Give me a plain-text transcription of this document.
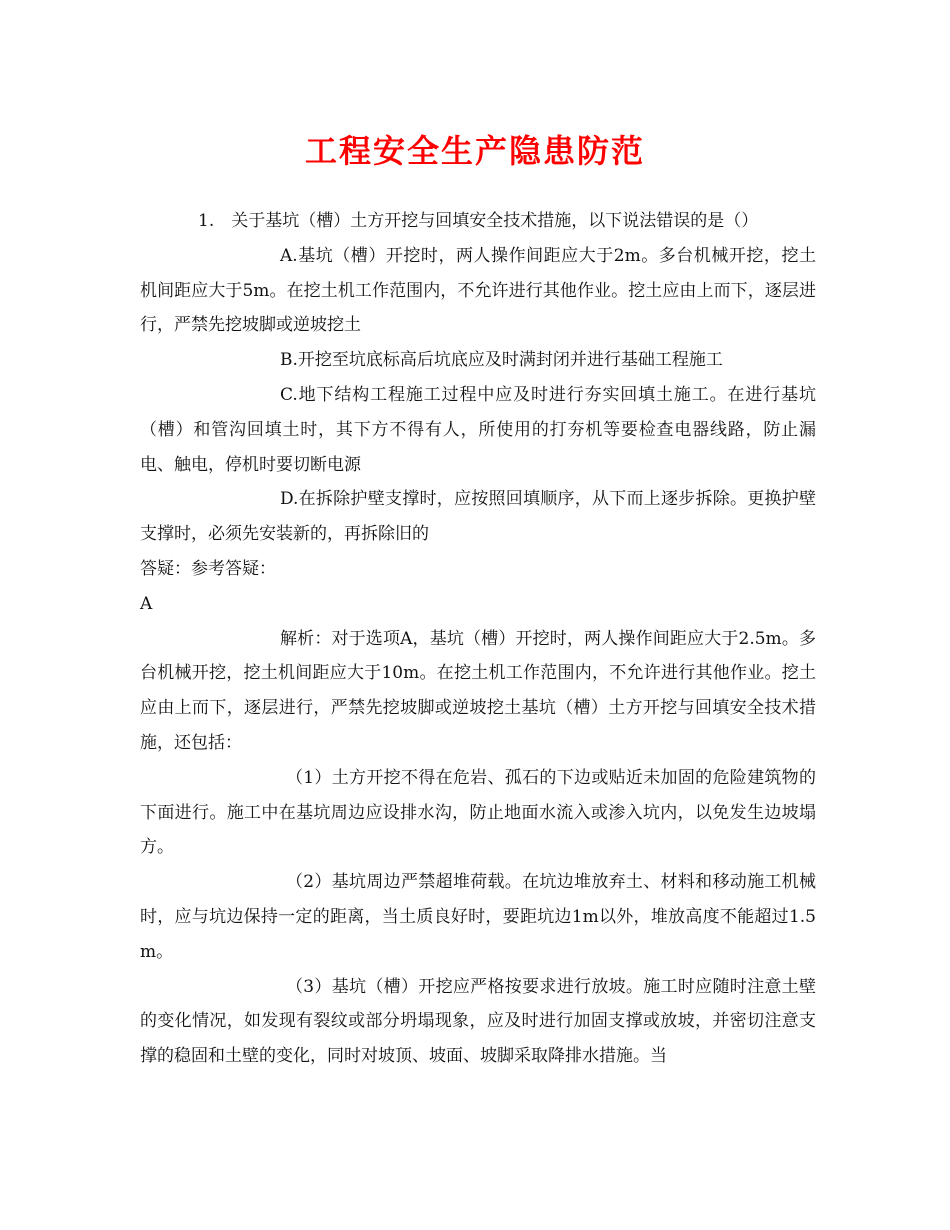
工程安全生产隐患防范

1.　关于基坑（槽）土方开挖与回填安全技术措施，以下说法错误的是（）

A.基坑（槽）开挖时，两人操作间距应大于2m。多台机械开挖，挖土机间距应大于5m。在挖土机工作范围内，不允许进行其他作业。挖土应由上而下，逐层进行，严禁先挖坡脚或逆坡挖土

B.开挖至坑底标高后坑底应及时满封闭并进行基础工程施工

C.地下结构工程施工过程中应及时进行夯实回填土施工。在进行基坑（槽）和管沟回填土时，其下方不得有人，所使用的打夯机等要检查电器线路，防止漏电、触电，停机时要切断电源

D.在拆除护壁支撑时，应按照回填顺序，从下而上逐步拆除。更换护壁支撑时，必须先安装新的，再拆除旧的

答疑：参考答疑：

A

解析：对于选项A，基坑（槽）开挖时，两人操作间距应大于2.5m。多台机械开挖，挖土机间距应大于10m。在挖土机工作范围内，不允许进行其他作业。挖土应由上而下，逐层进行，严禁先挖坡脚或逆坡挖土基坑（槽）土方开挖与回填安全技术措施，还包括：

（1）土方开挖不得在危岩、孤石的下边或贴近未加固的危险建筑物的下面进行。施工中在基坑周边应设排水沟，防止地面水流入或渗入坑内，以免发生边坡塌方。

（2）基坑周边严禁超堆荷载。在坑边堆放弃土、材料和移动施工机械时，应与坑边保持一定的距离，当土质良好时，要距坑边1m以外，堆放高度不能超过1.5m。

（3）基坑（槽）开挖应严格按要求进行放坡。施工时应随时注意土壁的变化情况，如发现有裂纹或部分坍塌现象，应及时进行加固支撑或放坡，并密切注意支撑的稳固和土壁的变化，同时对坡顶、坡面、坡脚采取降排水措施。当
